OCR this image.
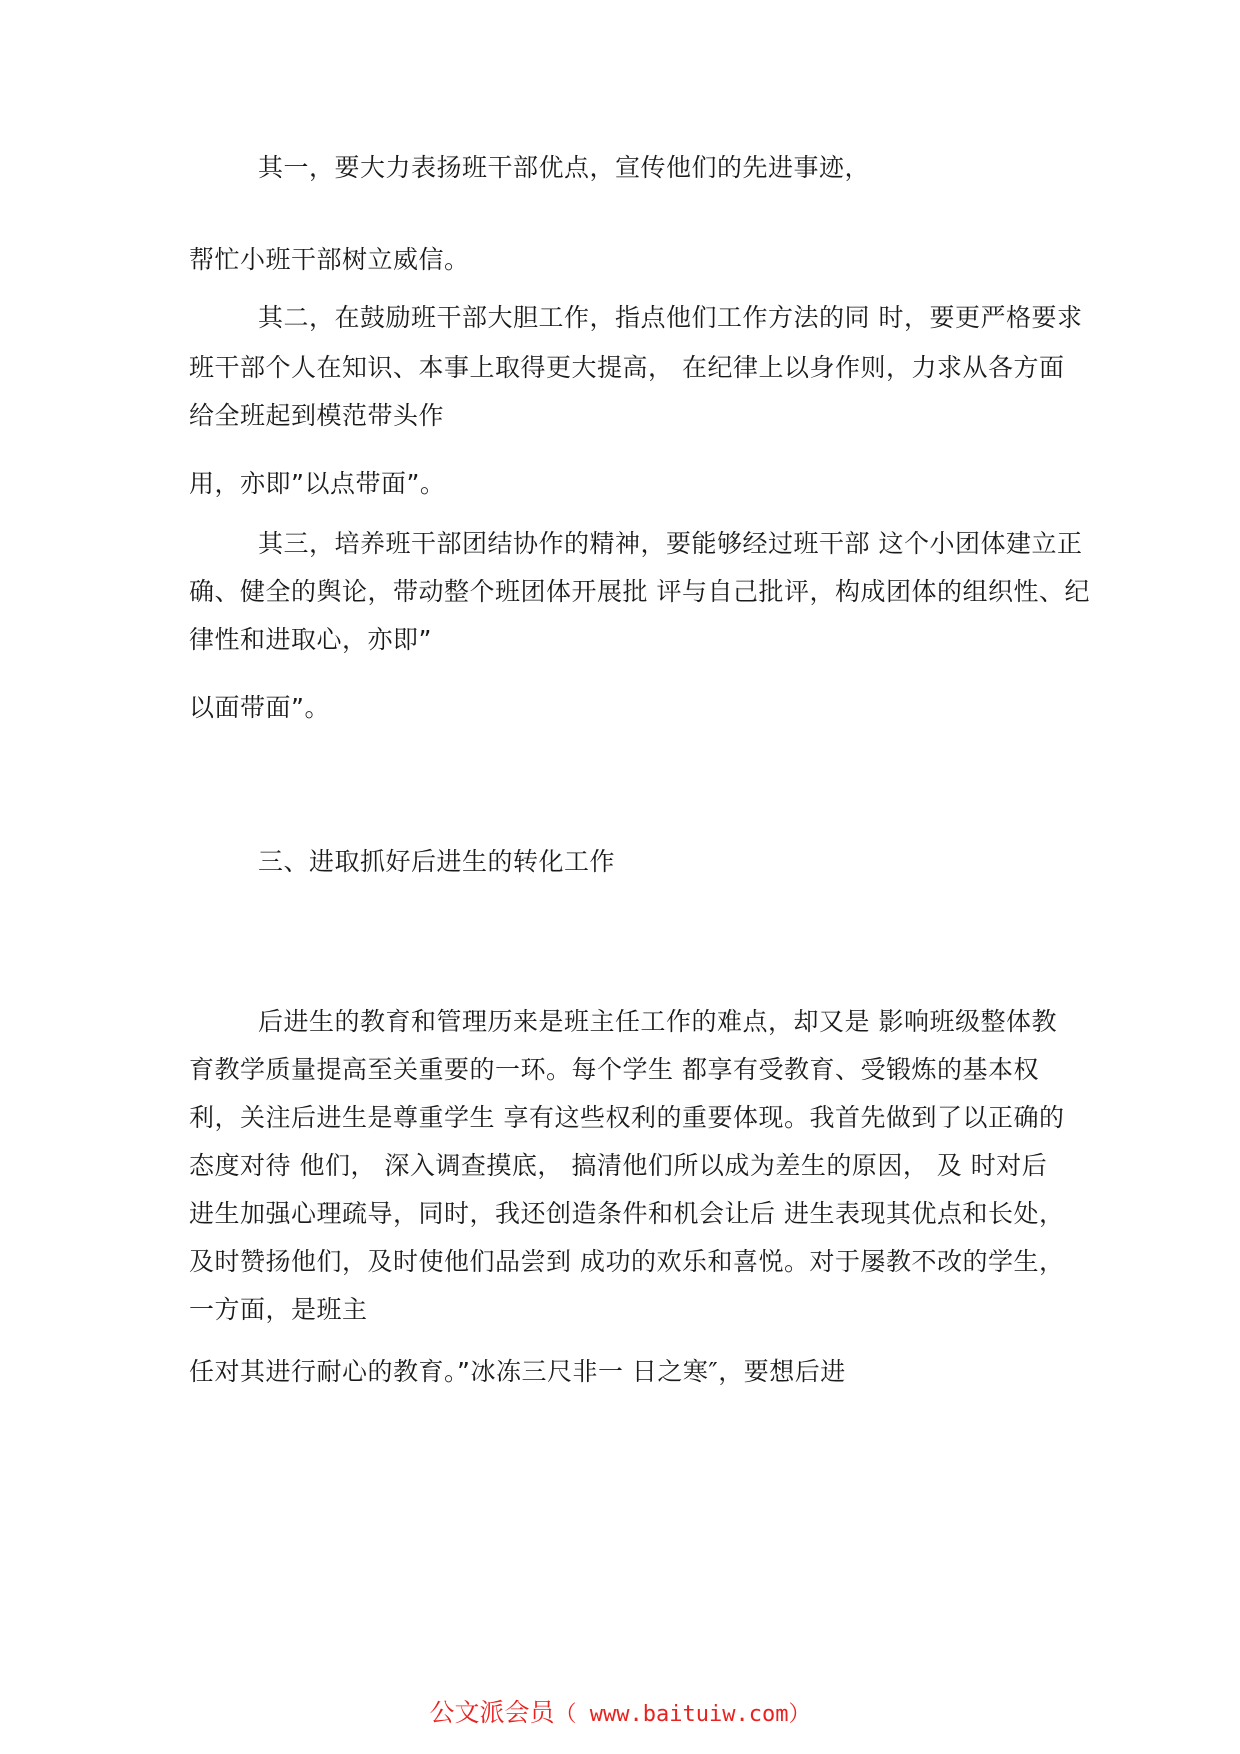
其一，要大力表扬班干部优点，宣传他们的先进事迹，
帮忙小班干部树立威信。
其二，在鼓励班干部大胆工作，指点他们工作方法的同 时，要更严格要求
班干部个人在知识、本事上取得更大提高， 在纪律上以身作则，力求从各方面
给全班起到模范带头作
用，亦即”以点带面”。
其三，培养班干部团结协作的精神，要能够经过班干部 这个小团体建立正
确、健全的舆论，带动整个班团体开展批 评与自己批评，构成团体的组织性、纪
律性和进取心，亦即”
以面带面”。
三、进取抓好后进生的转化工作
后进生的教育和管理历来是班主任工作的难点，却又是 影响班级整体教
育教学质量提高至关重要的一环。每个学生 都享有受教育、受锻炼的基本权
利，关注后进生是尊重学生 享有这些权利的重要体现。我首先做到了以正确的
态度对待 他们， 深入调查摸底， 搞清他们所以成为差生的原因， 及 时对后
进生加强心理疏导，同时，我还创造条件和机会让后 进生表现其优点和长处，
及时赞扬他们，及时使他们品尝到 成功的欢乐和喜悦。对于屡教不改的学生，
一方面，是班主
任对其进行耐心的教育。”冰冻三尺非一 日之寒″，要想后进
公文派会员（ www.baituiw.com）
